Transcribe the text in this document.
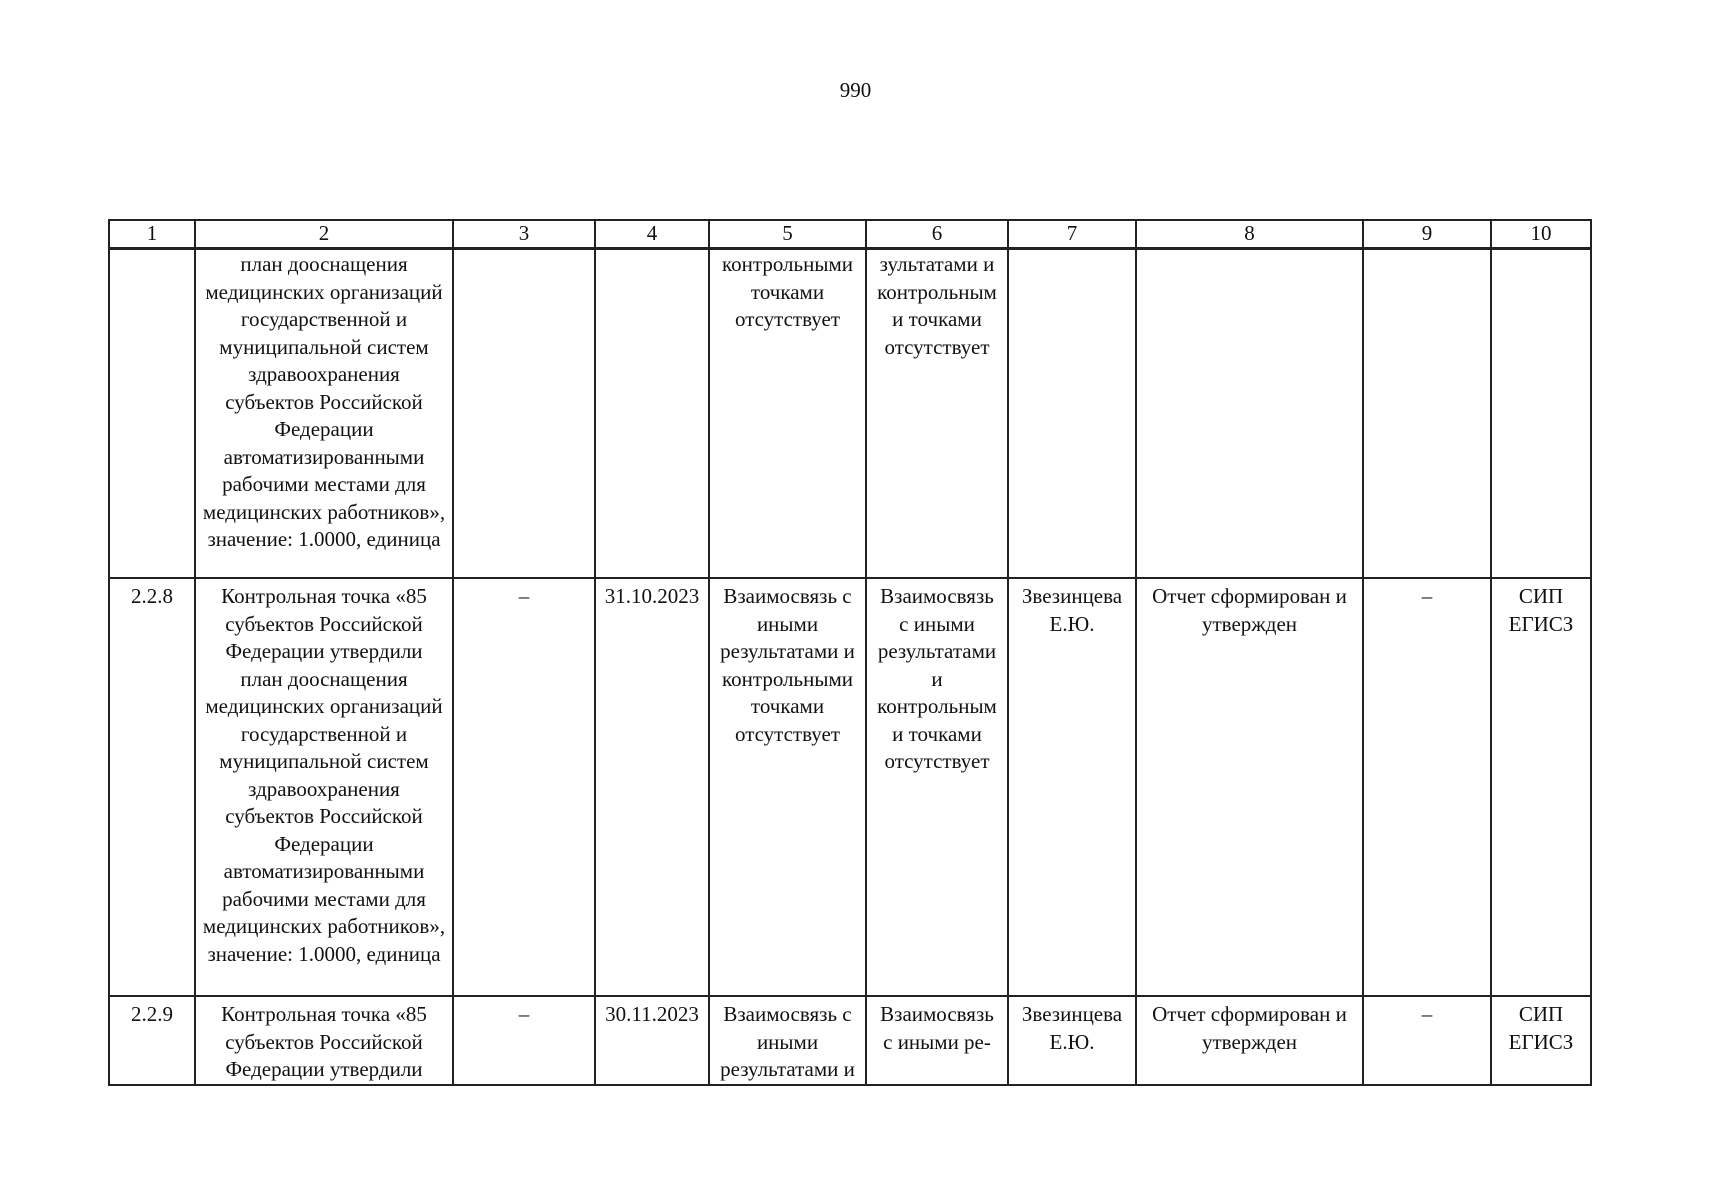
990
1	2	3	4	5	6	7	8	9	10
	план дооснащения медицинских организаций государственной и муниципальной систем здравоохранения субъектов Российской Федерации автоматизированными рабочими местами для медицинских работников», значение: 1.0000, единица			контрольными точками отсутствует	зультатами и контрольными точками отсутствует				
2.2.8	Контрольная точка «85 субъектов Российской Федерации утвердили план дооснащения медицинских организаций государственной и муниципальной систем здравоохранения субъектов Российской Федерации автоматизированными рабочими местами для медицинских работников», значение: 1.0000, единица	–	31.10.2023	Взаимосвязь с иными результатами и контрольными точками отсутствует	Взаимосвязь с иными результатами и контрольными точками отсутствует	Звезинцева Е.Ю.	Отчет сформирован и утвержден	–	СИП ЕГИСЗ
2.2.9	Контрольная точка «85 субъектов Российской Федерации утвердили	–	30.11.2023	Взаимосвязь с иными результатами и	Взаимосвязь с иными ре-	Звезинцева Е.Ю.	Отчет сформирован и утвержден	–	СИП ЕГИСЗ
